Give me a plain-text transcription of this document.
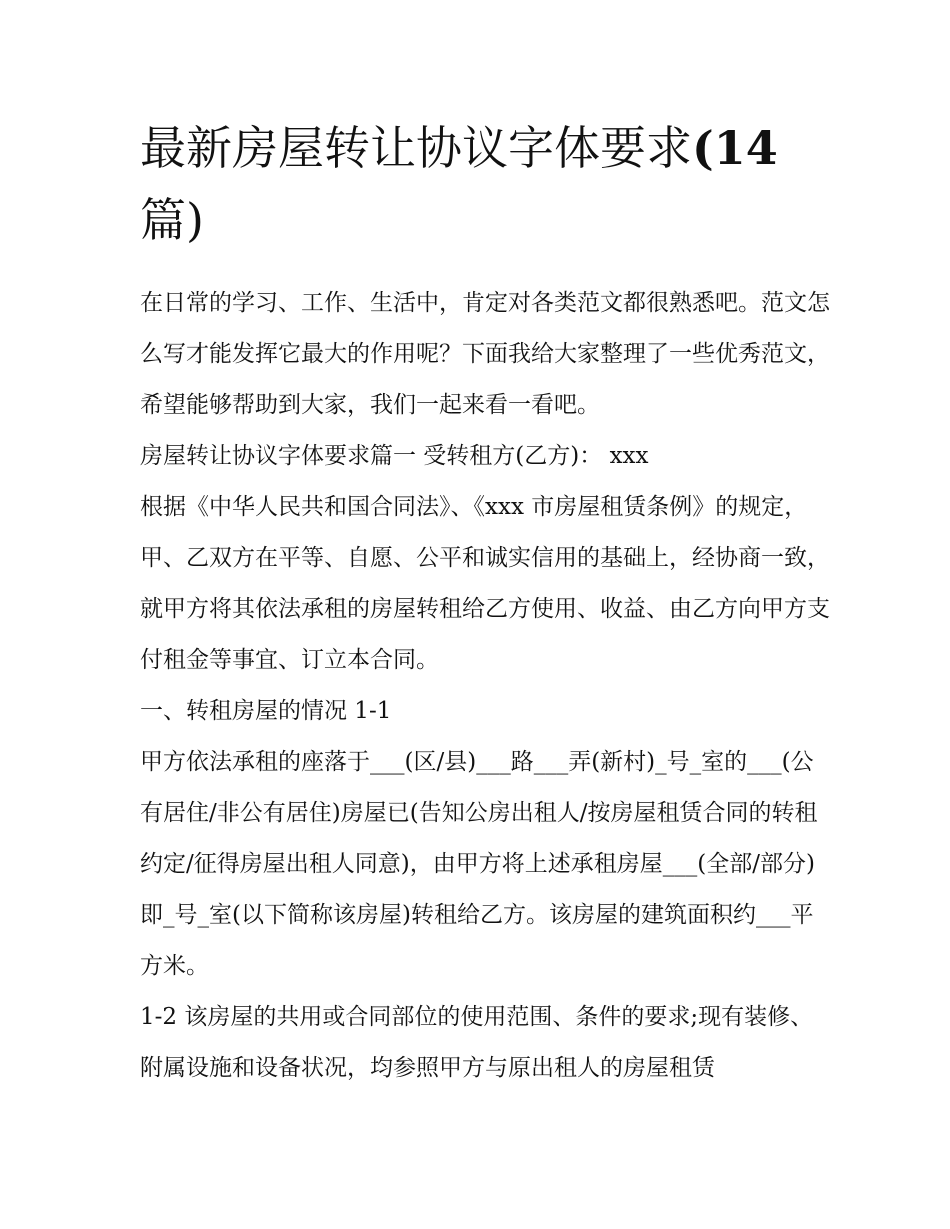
最新房屋转让协议字体要求(14
篇)

在日常的学习、工作、生活中，肯定对各类范文都很熟悉吧。范文怎么写才能发挥它最大的作用呢？下面我给大家整理了一些优秀范文，希望能够帮助到大家，我们一起来看一看吧。

房屋转让协议字体要求篇一 受转租方(乙方)： xxx

根据《中华人民共和国合同法》、《xxx 市房屋租赁条例》的规定，甲、乙双方在平等、自愿、公平和诚实信用的基础上，经协商一致，就甲方将其依法承租的房屋转租给乙方使用、收益、由乙方向甲方支付租金等事宜、订立本合同。

一、转租房屋的情况 1-1

甲方依法承租的座落于___(区/县)___路___弄(新村)_号_室的___(公有居住/非公有居住)房屋已(告知公房出租人/按房屋租赁合同的转租约定/征得房屋出租人同意)，由甲方将上述承租房屋___(全部/部分)即_号_室(以下简称该房屋)转租给乙方。该房屋的建筑面积约___平方米。

1-2 该房屋的共用或合同部位的使用范围、条件的要求;现有装修、附属设施和设备状况，均参照甲方与原出租人的房屋租赁
